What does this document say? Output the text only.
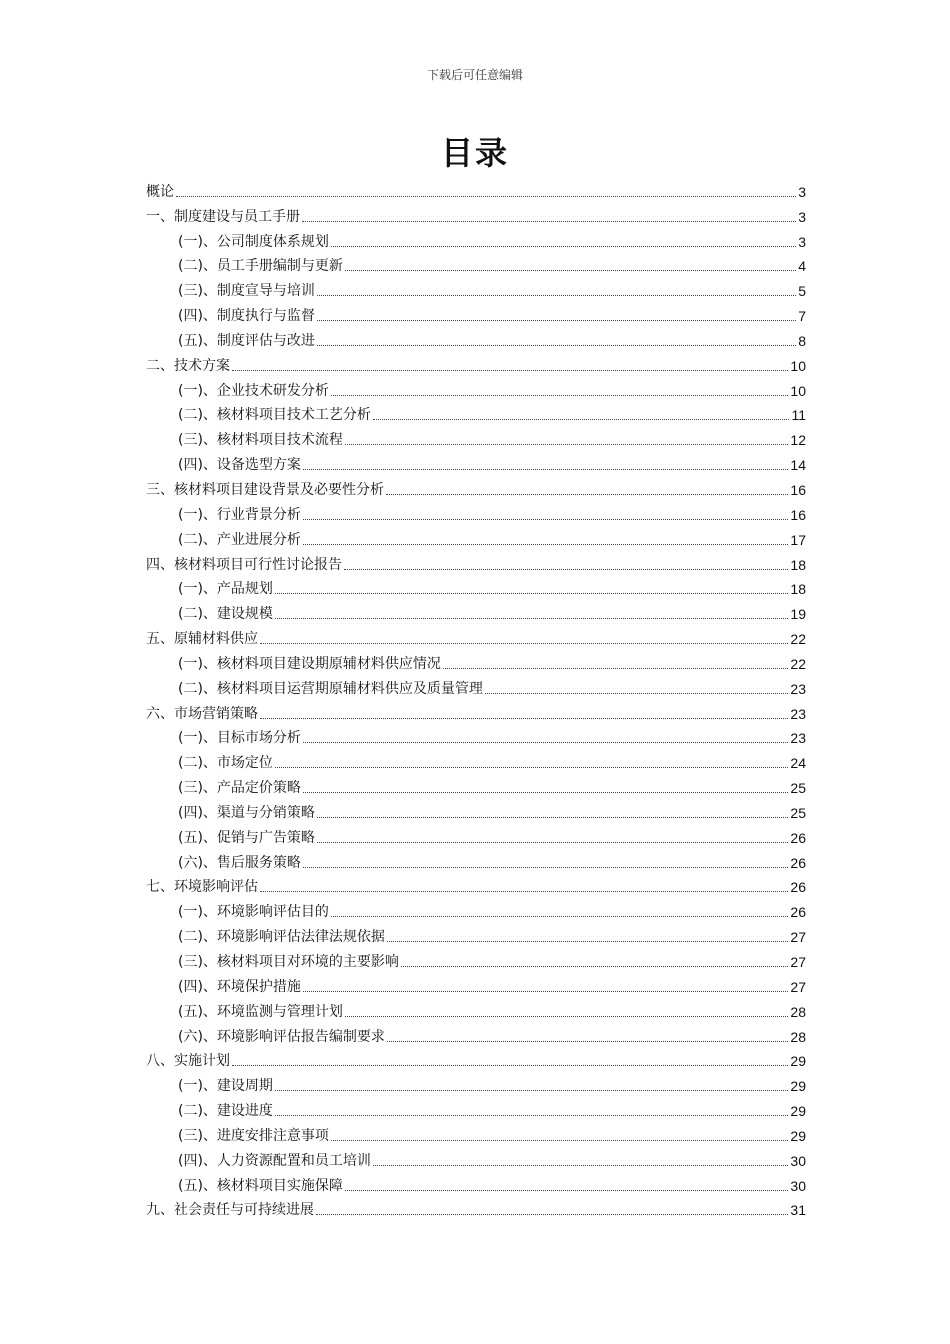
下载后可任意编辑
目录
概论	3
一、制度建设与员工手册	3
(一)、公司制度体系规划	3
(二)、员工手册编制与更新	4
(三)、制度宣导与培训	5
(四)、制度执行与监督	7
(五)、制度评估与改进	8
二、技术方案	10
(一)、企业技术研发分析	10
(二)、核材料项目技术工艺分析	11
(三)、核材料项目技术流程	12
(四)、设备选型方案	14
三、核材料项目建设背景及必要性分析	16
(一)、行业背景分析	16
(二)、产业进展分析	17
四、核材料项目可行性讨论报告	18
(一)、产品规划	18
(二)、建设规模	19
五、原辅材料供应	22
(一)、核材料项目建设期原辅材料供应情况	22
(二)、核材料项目运营期原辅材料供应及质量管理	23
六、市场营销策略	23
(一)、目标市场分析	23
(二)、市场定位	24
(三)、产品定价策略	25
(四)、渠道与分销策略	25
(五)、促销与广告策略	26
(六)、售后服务策略	26
七、环境影响评估	26
(一)、环境影响评估目的	26
(二)、环境影响评估法律法规依据	27
(三)、核材料项目对环境的主要影响	27
(四)、环境保护措施	27
(五)、环境监测与管理计划	28
(六)、环境影响评估报告编制要求	28
八、实施计划	29
(一)、建设周期	29
(二)、建设进度	29
(三)、进度安排注意事项	29
(四)、人力资源配置和员工培训	30
(五)、核材料项目实施保障	30
九、社会责任与可持续进展	31
